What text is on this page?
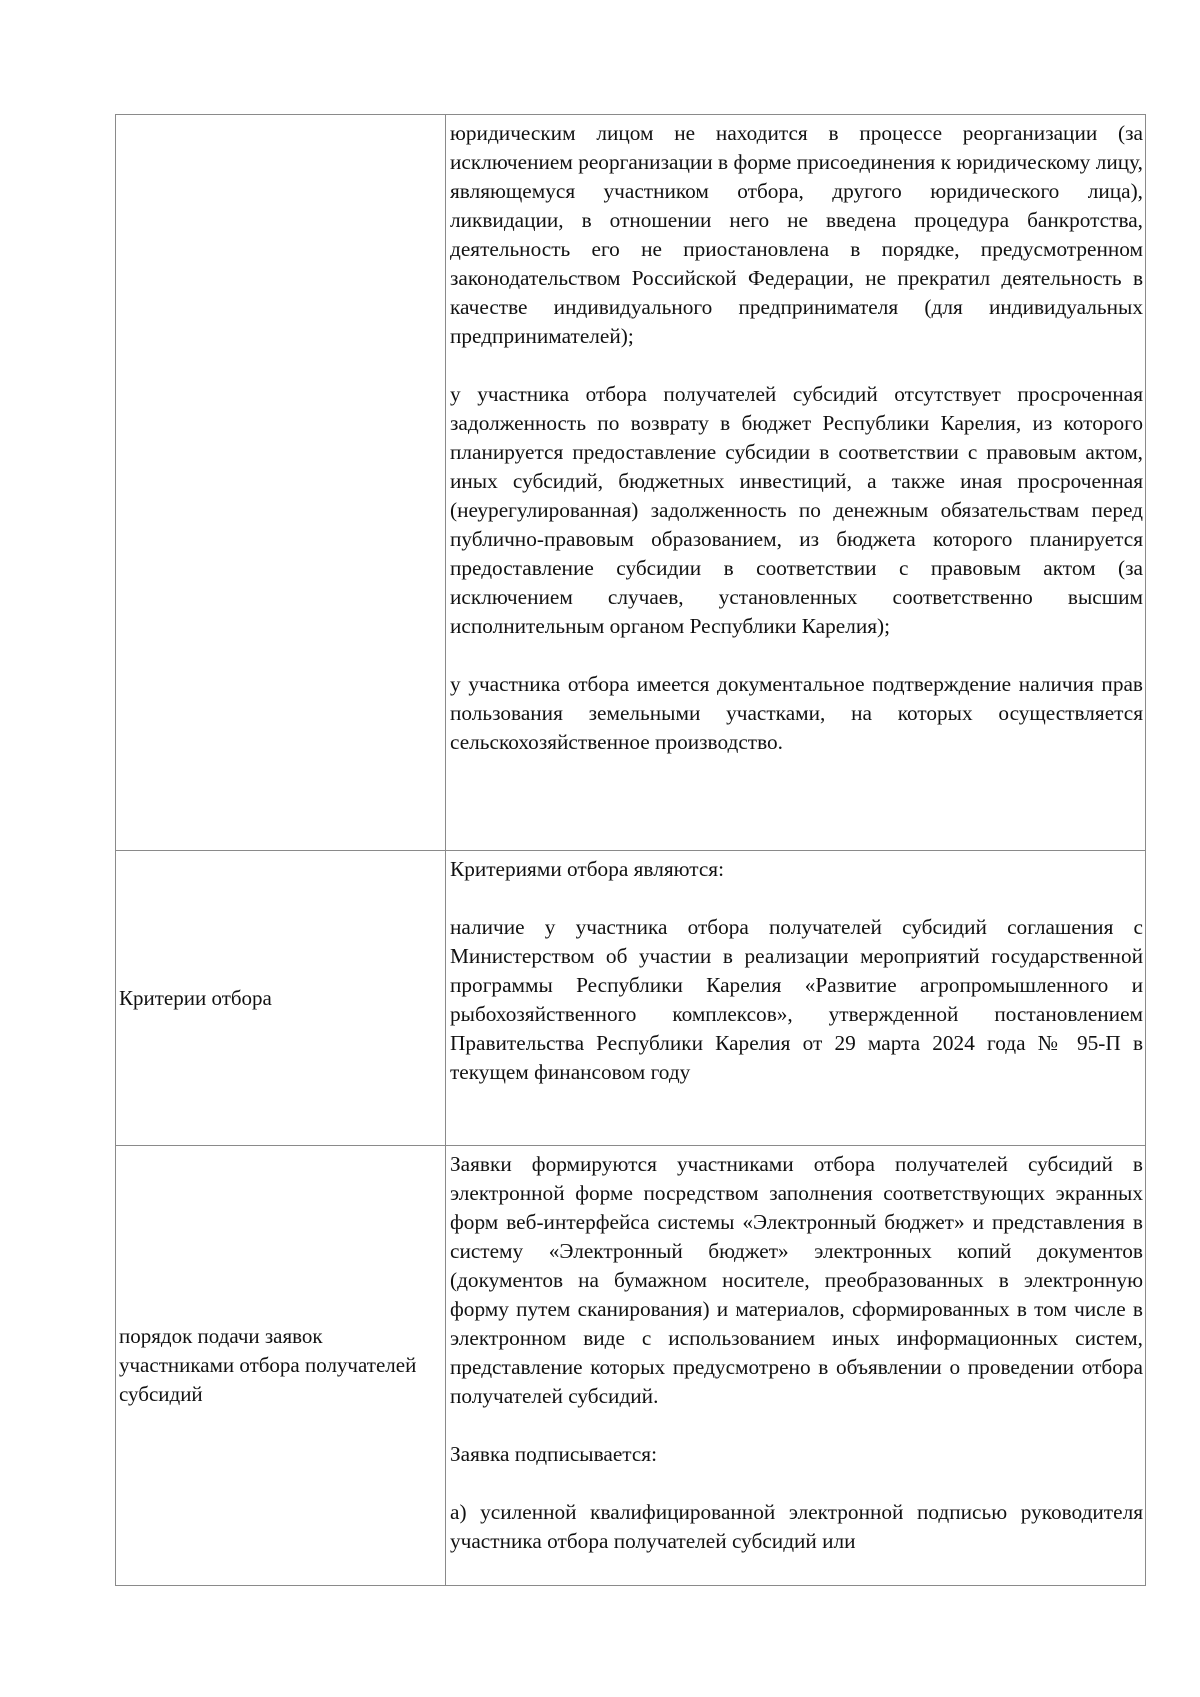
	юридическим лицом не находится в процессе реорганизации (за исключением реорганизации в форме присоединения к юридическому лицу, являющемуся участником отбора, другого юридического лица), ликвидации, в отношении него не введена процедура банкротства, деятельность его не приостановлена в порядке, предусмотренном законодательством Российской Федерации, не прекратил деятельность в качестве индивидуального предпринимателя (для индивидуальных предпринимателей);

у участника отбора получателей субсидий отсутствует просроченная задолженность по возврату в бюджет Республики Карелия, из которого планируется предоставление субсидии в соответствии с правовым актом, иных субсидий, бюджетных инвестиций, а также иная просроченная (неурегулированная) задолженность по денежным обязательствам перед публично-правовым образованием, из бюджета которого планируется предоставление субсидии в соответствии с правовым актом (за исключением случаев, установленных соответственно высшим исполнительным органом Республики Карелия);

у участника отбора имеется документальное подтверждение наличия прав пользования земельными участками, на которых осуществляется сельскохозяйственное производство.

Критерии отбора	Критериями отбора являются:

наличие у участника отбора получателей субсидий соглашения с Министерством об участии в реализации мероприятий государственной программы Республики Карелия «Развитие агропромышленного и рыбохозяйственного комплексов», утвержденной постановлением Правительства Республики Карелия от 29 марта 2024 года № 95-П в текущем финансовом году

порядок подачи заявок участниками отбора получателей субсидий	Заявки формируются участниками отбора получателей субсидий в электронной форме посредством заполнения соответствующих экранных форм веб-интерфейса системы «Электронный бюджет» и представления в систему «Электронный бюджет» электронных копий документов (документов на бумажном носителе, преобразованных в электронную форму путем сканирования) и материалов, сформированных в том числе в электронном виде с использованием иных информационных систем, представление которых предусмотрено в объявлении о проведении отбора получателей субсидий.

Заявка подписывается:

а) усиленной квалифицированной электронной подписью руководителя участника отбора получателей субсидий или
